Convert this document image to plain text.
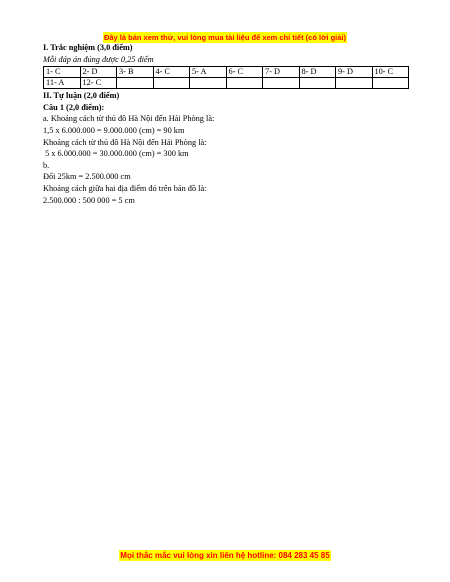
Đây là bản xem thử, vui lòng mua tài liệu để xem chi tiết (có lời giải)
I. Trắc nghiệm (3,0 điểm)
Mỗi đáp án đúng được 0,25 điểm
1- C	2- D	3- B	4- C	5- A	6- C	7- D	8- D	9- D	10- C
11- A	12- C								
II. Tự luận (2,0 điểm)
Câu 1 (2,0 điểm):
a. Khoảng cách từ thủ đô Hà Nội đến Hải Phòng là:
1,5 x 6.000.000 = 9.000.000 (cm) = 90 km
Khoảng cách từ thủ đô Hà Nội đến Hải Phòng là:
5 x 6.000.000 = 30.000.000 (cm) = 300 km
b.
Đổi 25km = 2.500.000 cm
Khoảng cách giữa hai địa điểm đó trên bản đồ là:
2.500.000 : 500 000 = 5 cm
Mọi thắc mắc vui lòng xin liên hệ hotline: 084 283 45 85
